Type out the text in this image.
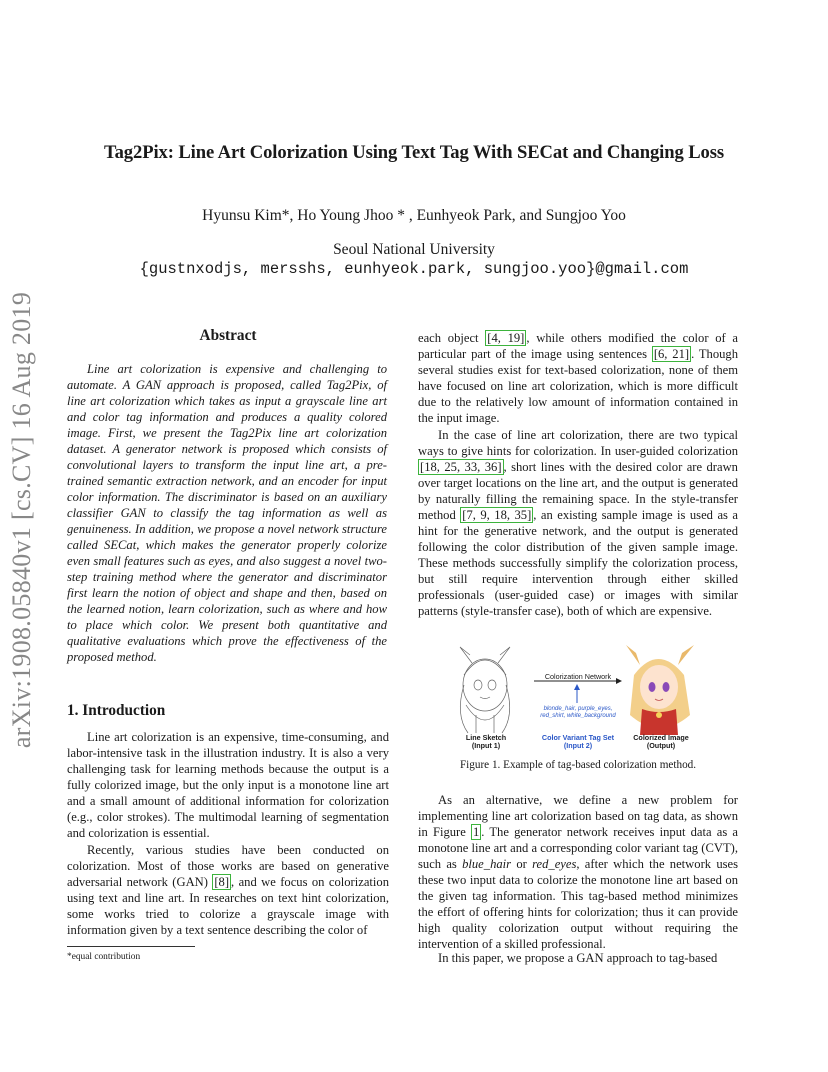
arXiv:1908.05840v1 [cs.CV] 16 Aug 2019
Tag2Pix: Line Art Colorization Using Text Tag With SECat and Changing Loss
Hyunsu Kim*, Ho Young Jhoo * , Eunhyeok Park, and Sungjoo Yoo
Seoul National University
{gustnxodjs, mersshs, eunhyeok.park, sungjoo.yoo}@gmail.com
Abstract

Line art colorization is expensive and challenging to automate. A GAN approach is proposed, called Tag2Pix, of line art colorization which takes as input a grayscale line art and color tag information and produces a quality colored image. First, we present the Tag2Pix line art colorization dataset. A generator network is proposed which consists of convolutional layers to transform the input line art, a pre-trained semantic extraction network, and an encoder for input color information. The discriminator is based on an auxiliary classifier GAN to classify the tag information as well as genuineness. In addition, we propose a novel network structure called SECat, which makes the generator properly colorize even small features such as eyes, and also suggest a novel two-step training method where the generator and discriminator first learn the notion of object and shape and then, based on the learned notion, learn colorization, such as where and how to place which color. We present both quantitative and qualitative evaluations which prove the effectiveness of the proposed method.

1. Introduction

Line art colorization is an expensive, time-consuming, and labor-intensive task in the illustration industry. It is also a very challenging task for learning methods because the output is a fully colorized image, but the only input is a monotone line art and a small amount of additional information for colorization (e.g., color strokes). The multimodal learning of segmentation and colorization is essential.

Recently, various studies have been conducted on colorization. Most of those works are based on generative adversarial network (GAN) [8] , and we focus on colorization using text and line art. In researches on text hint colorization, some works tried to colorize a grayscale image with information given by a text sentence describing the color of

*equal contribution

each object [4, 19] , while others modified the color of a particular part of the image using sentences [6, 21] . Though several studies exist for text-based colorization, none of them have focused on line art colorization, which is more difficult due to the relatively low amount of information contained in the input image.

In the case of line art colorization, there are two typical ways to give hints for colorization. In user-guided colorization [18, 25, 33, 36] , short lines with the desired color are drawn over target locations on the line art, and the output is generated by naturally filling the remaining space. In the style-transfer method [7, 9, 18, 35] , an existing sample image is used as a hint for the generative network, and the output is generated following the color distribution of the given sample image. These methods successfully simplify the colorization process, but still require intervention through either skilled professionals (user-guided case) or images with similar patterns (style-transfer case), both of which are expensive.

Colorization Network
blonde_hair, purple_eyes, red_shirt, white_background
Line Sketch
(Input 1)
Color Variant Tag Set
(Input 2)
Colorized Image
(Output)
Figure 1. Example of tag-based colorization method.

As an alternative, we define a new problem for implementing line art colorization based on tag data, as shown in Figure 1 . The generator network receives input data as a monotone line art and a corresponding color variant tag (CVT), such as blue_hair or red_eyes, after which the network uses these two input data to colorize the monotone line art based on the given tag information. This tag-based method minimizes the effort of offering hints for colorization; thus it can provide high quality colorization output without requiring the intervention of a skilled professional.

In this paper, we propose a GAN approach to tag-based
